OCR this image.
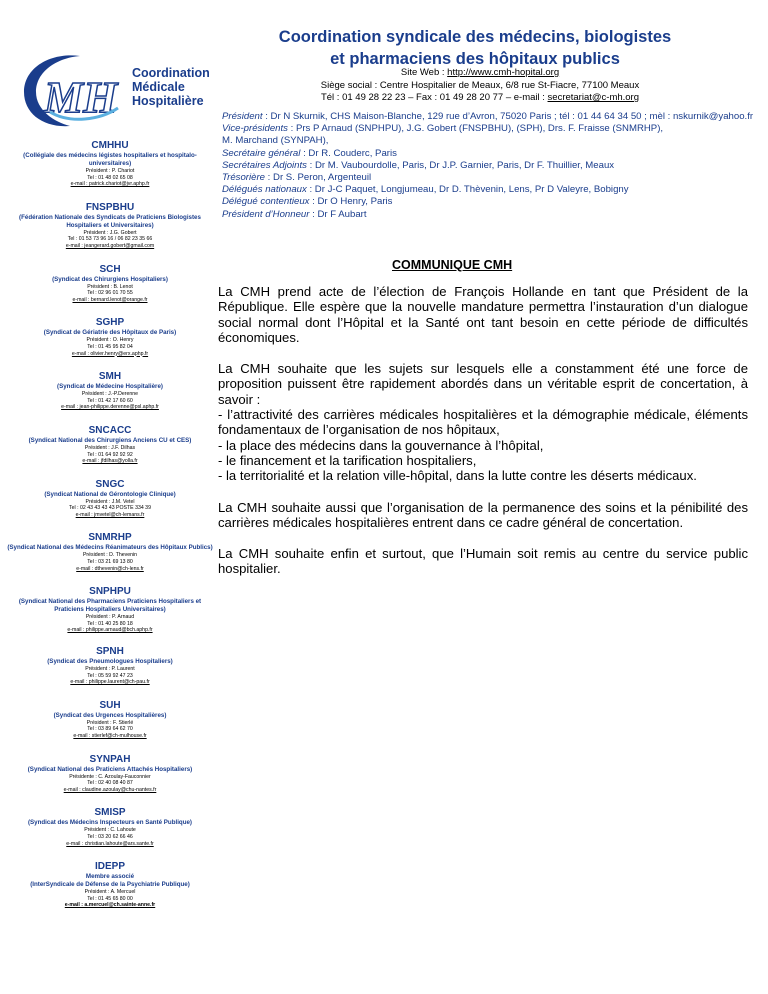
MH Coordination
Médicale
Hospitalière
Coordination syndicale des médecins, biologistes
et pharmaciens des hôpitaux publics
Site Web : http://www.cmh-hopital.org
Siège social : Centre Hospitalier de Meaux, 6/8 rue St-Fiacre, 77100 Meaux
Tél : 01 49 28 22 23 – Fax : 01 49 28 20 77 – e-mail : secretariat@c-mh.org
Président : Dr N Skurnik, CHS Maison-Blanche, 129 rue d’Avron, 75020 Paris ; tél : 01 44 64 34 50 ; mèl : nskurnik@yahoo.fr
Vice-présidents : Prs P Arnaud (SNPHPU), J.G. Gobert (FNSPBHU), (SPH), Drs. F. Fraisse (SNMRHP),
M. Marchand (SYNPAH),
Secrétaire général : Dr R. Couderc, Paris
Secrétaires Adjoints : Dr M. Vaubourdolle, Paris, Dr J.P. Garnier, Paris, Dr F. Thuillier, Meaux
Trésorière : Dr S. Peron, Argenteuil
Délégués nationaux : Dr J-C Paquet, Longjumeau, Dr D. Thèvenin, Lens, Pr D Valeyre, Bobigny
Délégué contentieux : Dr O Henry, Paris
Président d’Honneur : Dr F Aubart
CMHHU
(Collégiale des médecins légistes hospitaliers et hospitalo-universitaires)
Président : P. Chariot
Tel : 01 48 02 65 08
e-mail : patrick.chariot@jvr.aphp.fr
FNSPBHU
(Fédération Nationale des Syndicats de Praticiens Biologistes Hospitaliers et Universitaires)
Président : J.G. Gobert
Tel : 01 53 73 96 16 / 06 82 23 35 66
e-mail : jeangerard.gobert@gmail.com
SCH
(Syndicat des Chirurgiens Hospitaliers)
Président : B. Lenot
Tel : 02 96 01 70 55
e-mail : bernard.lenot@orange.fr
SGHP
(Syndicat de Gériatrie des Hôpitaux de Paris)
Président : O. Henry
Tel : 01 45 95 82 04
e-mail : olivier.henry@erx.aphp.fr
SMH
(Syndicat de Médecine Hospitalière)
Président : J.-P.Derenne
Tel : 01 42 17 60 60
e-mail : jean-philippe.derenne@psl.aphp.fr
SNCACC
(Syndicat National des Chirurgiens Anciens CU et CES)
Président : J.F. Dilhas
Tel : 01 64 92 92 92
e-mail : jfdilhas@yolla.fr
SNGC
(Syndicat National de Gérontologie Clinique)
Président : J.M. Vetel
Tel : 02 43 43 43 43 POSTE 334 39
e-mail : jmvetel@ch-lemans.fr
SNMRHP
(Syndicat National des Médecins Réanimateurs des Hôpitaux Publics)
Président : D. Thevenin
Tel : 03 21 69 13 80
e-mail : dthevenin@ch-lens.fr
SNPHPU
(Syndicat National des Pharmaciens Praticiens Hospitaliers et Praticiens Hospitaliers Universitaires)
Président : P. Arnaud
Tel : 01 40 25 80 18
e-mail : philippe.arnaud@bch.aphp.fr
SPNH
(Syndicat des Pneumologues Hospitaliers)
Président : P. Laurent
Tel : 05 59 92 47 23
e-mail : philippe.laurent@ch-pau.fr
SUH
(Syndicat des Urgences Hospitalières)
Président : F. Stierlé
Tel : 03 89 64 62 70
e-mail : stierlef@ch-mulhouse.fr
SYNPAH
(Syndicat National des Praticiens Attachés Hospitaliers)
Présidente : C. Azoulay-Fauconnier
Tel : 02 40 08 40 87
e-mail : claudine.azoulay@chu-nantes.fr
SMISP
(Syndicat des Médecins Inspecteurs en Santé Publique)
Président : C. Lahoute
Tel : 03 20 62 66 46
e-mail : christian.lahoute@ars.sante.fr
IDEPP
Membre associé
(InterSyndicale de Défense de la Psychiatrie Publique)
Président : A. Mercuel
Tel : 01 45 65 80 00
e-mail : a.mercuel@ch.sainte-anne.fr
COMMUNIQUE CMH

La CMH prend acte de l’élection de François Hollande en tant que Président de la République. Elle espère que la nouvelle mandature permettra l’instauration d’un dialogue social normal dont l’Hôpital et la Santé ont tant besoin en cette période de difficultés économiques.

La CMH souhaite que les sujets sur lesquels elle a constamment été une force de proposition puissent être rapidement abordés dans un véritable esprit de concertation, à savoir :
- l’attractivité des carrières médicales hospitalières et la démographie médicale, éléments fondamentaux de l’organisation de nos hôpitaux,
- la place des médecins dans la gouvernance à l’hôpital,
- le financement et la tarification hospitaliers,
- la territorialité et la relation ville-hôpital, dans la lutte contre les déserts médicaux.

La CMH souhaite aussi que l’organisation de la permanence des soins et la pénibilité des carrières médicales hospitalières entrent dans ce cadre général de concertation.

La CMH souhaite enfin et surtout, que l’Humain soit remis au centre du service public hospitalier.
